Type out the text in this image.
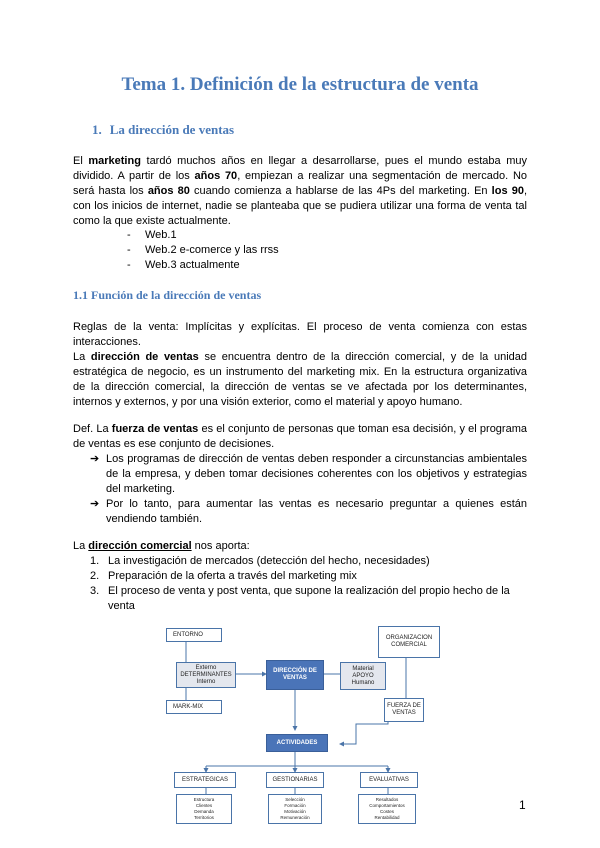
Tema 1. Definición de la estructura de venta
1. La dirección de ventas

El marketing tardó muchos años en llegar a desarrollarse, pues el mundo estaba muy dividido. A partir de los años 70, empiezan a realizar una segmentación de mercado. No será hasta los años 80 cuando comienza a hablarse de las 4Ps del marketing. En los 90, con los inicios de internet, nadie se planteaba que se pudiera utilizar una forma de venta tal como la que existe actualmente.

- Web.1
- Web.2 e-comerce y las rrss
- Web.3 actualmente
1.1 Función de la dirección de ventas

Reglas de la venta: Implícitas y explícitas. El proceso de venta comienza con estas interacciones.

La dirección de ventas se encuentra dentro de la dirección comercial, y de la unidad estratégica de negocio, es un instrumento del marketing mix. En la estructura organizativa de la dirección comercial, la dirección de ventas se ve afectada por los determinantes, internos y externos, y por una visión exterior, como el material y apoyo humano.

Def. La fuerza de ventas es el conjunto de personas que toman esa decisión, y el programa de ventas es ese conjunto de decisiones.

➔ Los programas de dirección de ventas deben responder a circunstancias ambientales de la empresa, y deben tomar decisiones coherentes con los objetivos y estrategias del marketing.
➔ Por lo tanto, para aumentar las ventas es necesario preguntar a quienes están vendiendo también.

La dirección comercial nos aporta:

1. La investigación de mercados (detección del hecho, necesidades)
2. Preparación de la oferta a través del marketing mix
3. El proceso de venta y post venta, que supone la realización del propio hecho de la venta
ENTORNO
Externo
DETERMINANTES
Interno
MARK-MIX
DIRECCIÓN DE
VENTAS
ORGANIZACION
COMERCIAL
Material
APOYO
Humano
FUERZA DE
VENTAS
ACTIVIDADES
ESTRATEGICAS	GESTIONARIAS	EVALUATIVAS
Estructura
Clientes
Demanda
Territorios
Selección
Formación
Motivación
Remuneración
Resultados
Comportamientos
Costes
Rentabilidad
1
